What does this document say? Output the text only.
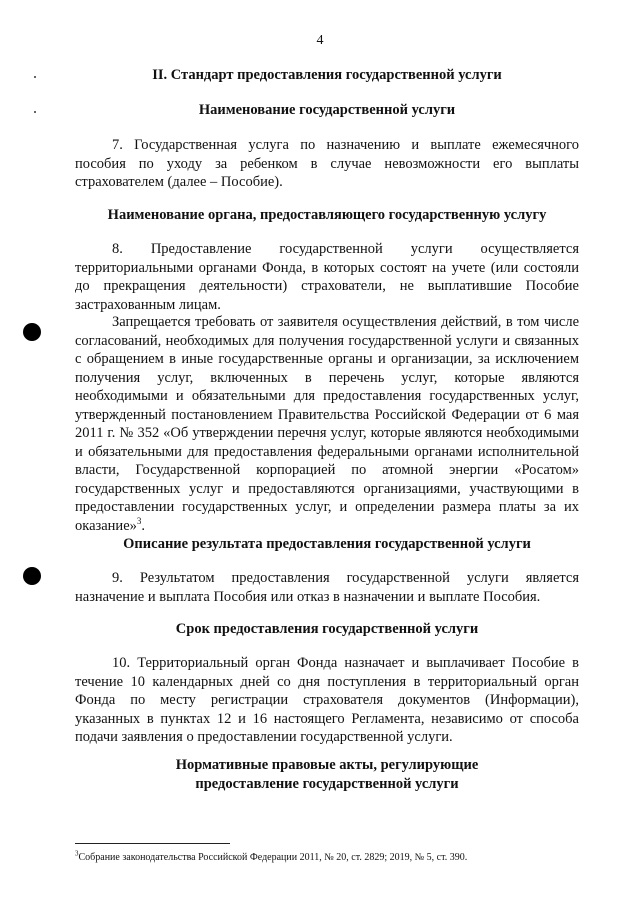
4
II. Стандарт предоставления государственной услуги
Наименование государственной услуги
7. Государственная услуга по назначению и выплате ежемесячного пособия по уходу за ребенком в случае невозможности его выплаты страхователем (далее – Пособие).
Наименование органа, предоставляющего государственную услугу
8. Предоставление государственной услуги осуществляется территориальными органами Фонда, в которых состоят на учете (или состояли до прекращения деятельности) страхователи, не выплатившие Пособие застрахованным лицам.
Запрещается требовать от заявителя осуществления действий, в том числе согласований, необходимых для получения государственной услуги и связанных с обращением в иные государственные органы и организации, за исключением получения услуг, включенных в перечень услуг, которые являются необходимыми и обязательными для предоставления государственных услуг, утвержденный постановлением Правительства Российской Федерации от 6 мая 2011 г. № 352 «Об утверждении перечня услуг, которые являются необходимыми и обязательными для предоставления федеральными органами исполнительной власти, Государственной корпорацией по атомной энергии «Росатом» государственных услуг и предоставляются организациями, участвующими в предоставлении государственных услуг, и определении размера платы за их оказание»$^3$.
Описание результата предоставления государственной услуги
9. Результатом предоставления государственной услуги является назначение и выплата Пособия или отказ в назначении и выплате Пособия.
Срок предоставления государственной услуги
10. Территориальный орган Фонда назначает и выплачивает Пособие в течение 10 календарных дней со дня поступления в территориальный орган Фонда по месту регистрации страхователя документов (Информации), указанных в пунктах 12 и 16 настоящего Регламента, независимо от способа подачи заявления о предоставлении государственной услуги.
Нормативные правовые акты, регулирующие
предоставление государственной услуги
$^3$Собрание законодательства Российской Федерации 2011, № 20, ст. 2829; 2019, № 5, ст. 390.
